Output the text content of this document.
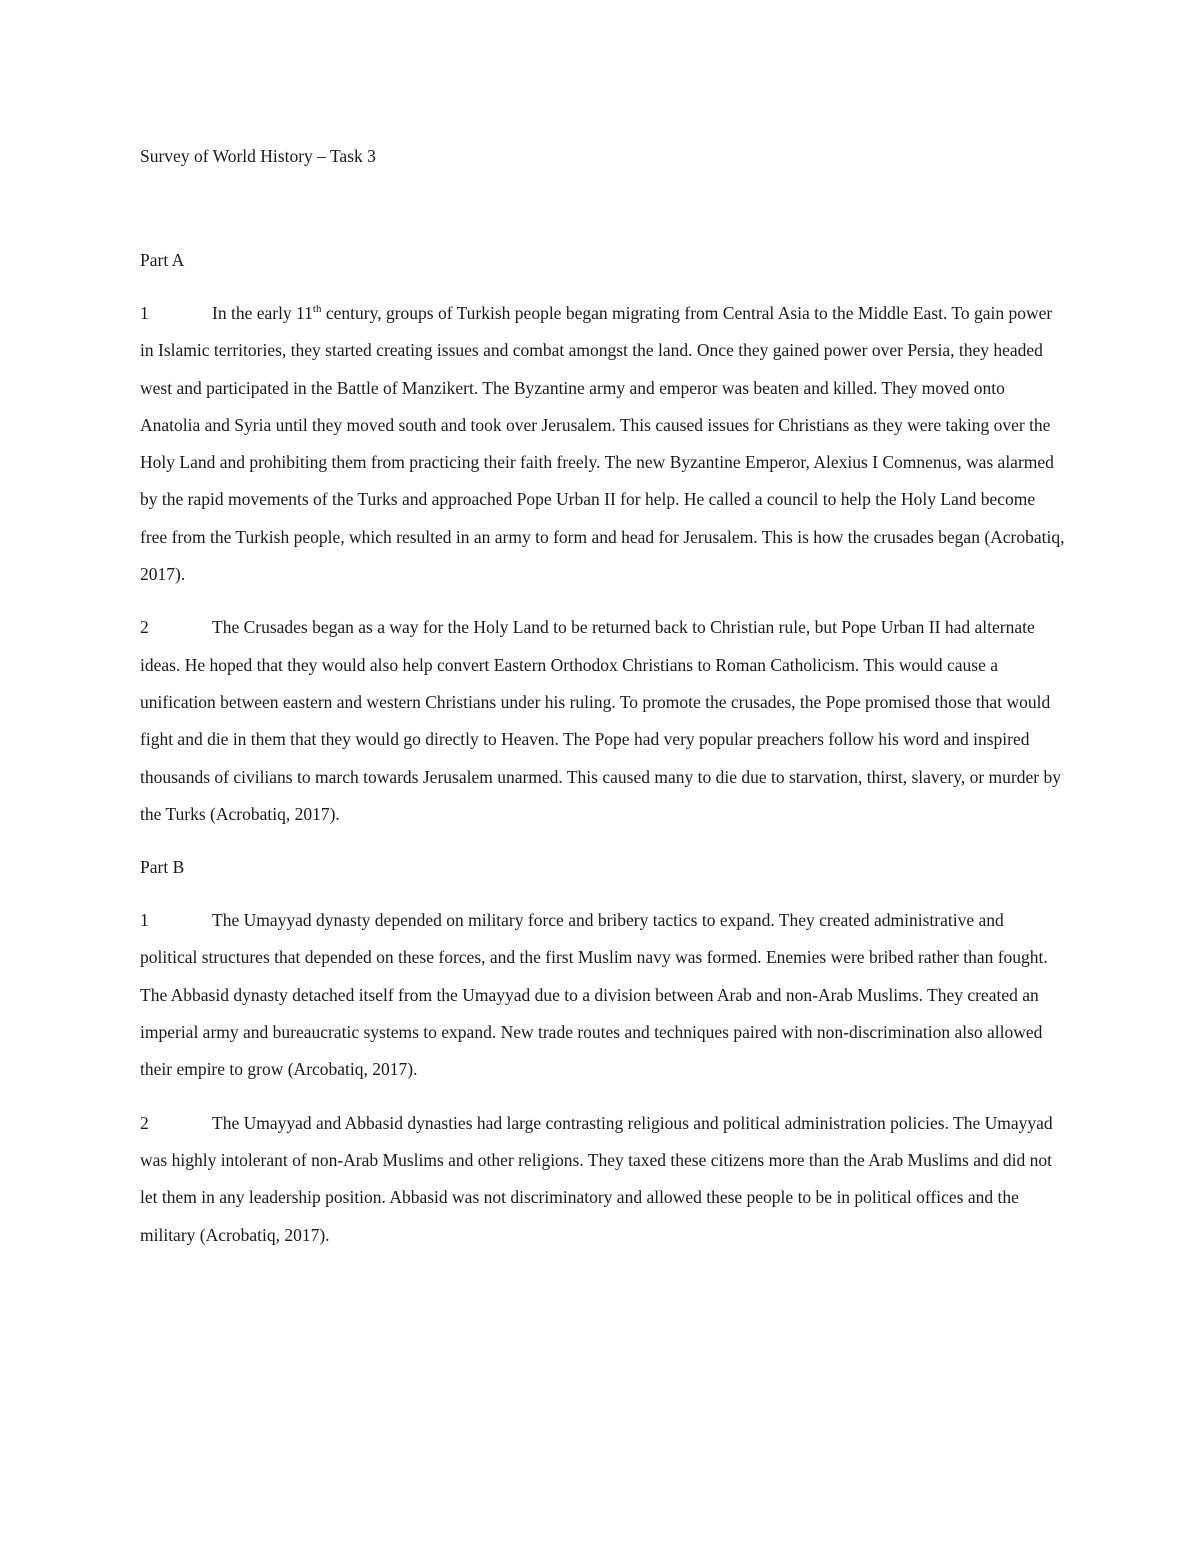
Survey of World History – Task 3

Part A

1	In the early 11th century, groups of Turkish people began migrating from Central Asia to the Middle East. To gain power in Islamic territories, they started creating issues and combat amongst the land. Once they gained power over Persia, they headed west and participated in the Battle of Manzikert. The Byzantine army and emperor was beaten and killed. They moved onto Anatolia and Syria until they moved south and took over Jerusalem. This caused issues for Christians as they were taking over the Holy Land and prohibiting them from practicing their faith freely. The new Byzantine Emperor, Alexius I Comnenus, was alarmed by the rapid movements of the Turks and approached Pope Urban II for help. He called a council to help the Holy Land become free from the Turkish people, which resulted in an army to form and head for Jerusalem. This is how the crusades began (Acrobatiq, 2017).

2	The Crusades began as a way for the Holy Land to be returned back to Christian rule, but Pope Urban II had alternate ideas. He hoped that they would also help convert Eastern Orthodox Christians to Roman Catholicism. This would cause a unification between eastern and western Christians under his ruling. To promote the crusades, the Pope promised those that would fight and die in them that they would go directly to Heaven. The Pope had very popular preachers follow his word and inspired thousands of civilians to march towards Jerusalem unarmed. This caused many to die due to starvation, thirst, slavery, or murder by the Turks (Acrobatiq, 2017).

Part B

1	The Umayyad dynasty depended on military force and bribery tactics to expand. They created administrative and political structures that depended on these forces, and the first Muslim navy was formed. Enemies were bribed rather than fought. The Abbasid dynasty detached itself from the Umayyad due to a division between Arab and non-Arab Muslims. They created an imperial army and bureaucratic systems to expand. New trade routes and techniques paired with non-discrimination also allowed their empire to grow (Arcobatiq, 2017).

2	The Umayyad and Abbasid dynasties had large contrasting religious and political administration policies. The Umayyad was highly intolerant of non-Arab Muslims and other religions. They taxed these citizens more than the Arab Muslims and did not let them in any leadership position. Abbasid was not discriminatory and allowed these people to be in political offices and the military (Acrobatiq, 2017).
